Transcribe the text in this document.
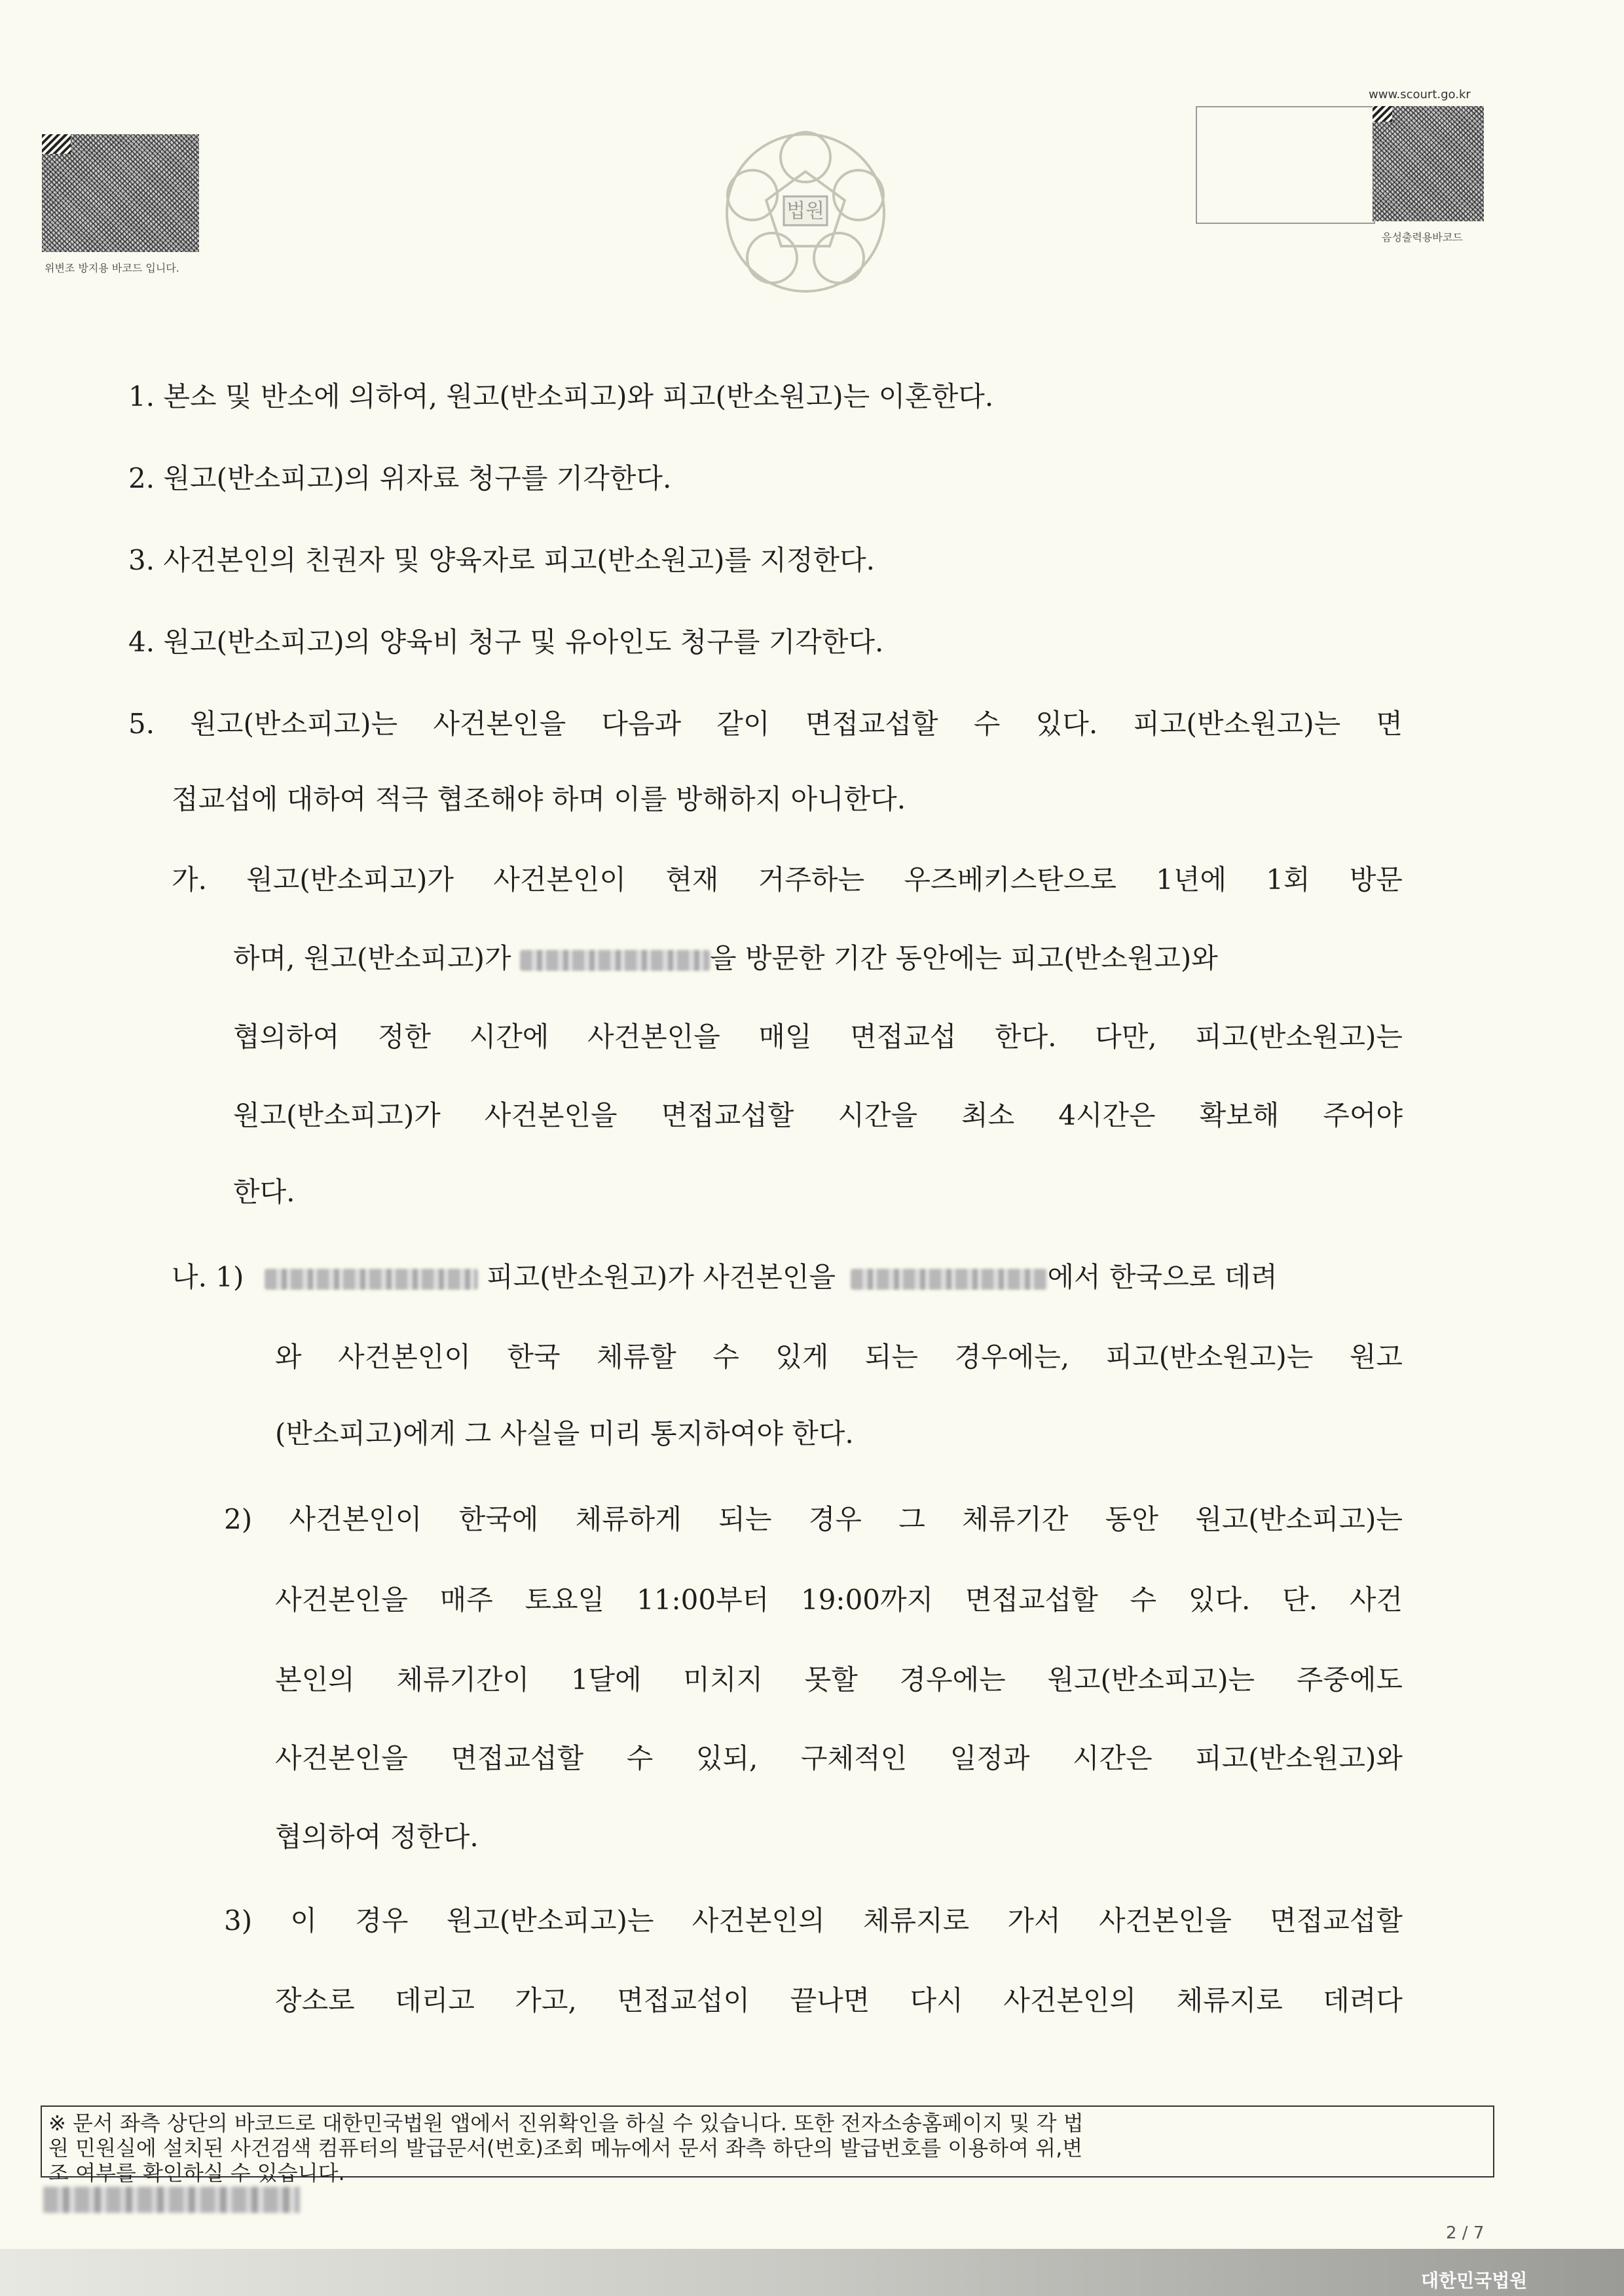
위변조 방지용 바코드 입니다.
법원
www.scourt.go.kr
음성출력용바코드
1. 본소 및 반소에 의하여, 원고(반소피고)와 피고(반소원고)는 이혼한다.
2. 원고(반소피고)의 위자료 청구를 기각한다.
3. 사건본인의 친권자 및 양육자로 피고(반소원고)를 지정한다.
4. 원고(반소피고)의 양육비 청구 및 유아인도 청구를 기각한다.
5. 원고(반소피고)는 사건본인을 다음과 같이 면접교섭할 수 있다. 피고(반소원고)는 면
접교섭에 대하여 적극 협조해야 하며 이를 방해하지 아니한다.
가. 원고(반소피고)가 사건본인이 현재 거주하는 우즈베키스탄으로 1년에 1회 방문
하며, 원고(반소피고)가	을 방문한 기간 동안에는 피고(반소원고)와
협의하여 정한 시간에 사건본인을 매일 면접교섭 한다. 다만, 피고(반소원고)는
원고(반소피고)가 사건본인을 면접교섭할 시간을 최소 4시간은 확보해 주어야
한다.
나. 1)	피고(반소원고)가 사건본인을	에서 한국으로 데려
와 사건본인이 한국 체류할 수 있게 되는 경우에는, 피고(반소원고)는 원고
(반소피고)에게 그 사실을 미리 통지하여야 한다.
2) 사건본인이 한국에 체류하게 되는 경우 그 체류기간 동안 원고(반소피고)는
사건본인을 매주 토요일 11:00부터 19:00까지 면접교섭할 수 있다. 단. 사건
본인의 체류기간이 1달에 미치지 못할 경우에는 원고(반소피고)는 주중에도
사건본인을 면접교섭할 수 있되, 구체적인 일정과 시간은 피고(반소원고)와
협의하여 정한다.
3) 이 경우 원고(반소피고)는 사건본인의 체류지로 가서 사건본인을 면접교섭할
장소로 데리고 가고, 면접교섭이 끝나면 다시 사건본인의 체류지로 데려다
※ 문서 좌측 상단의 바코드로 대한민국법원 앱에서 진위확인을 하실 수 있습니다. 또한 전자소송홈페이지 및 각 법
원 민원실에 설치된 사건검색 컴퓨터의 발급문서(번호)조회 메뉴에서 문서 좌측 하단의 발급번호를 이용하여 위,변
조 여부를 확인하실 수 있습니다.
2 / 7
대한민국법원
